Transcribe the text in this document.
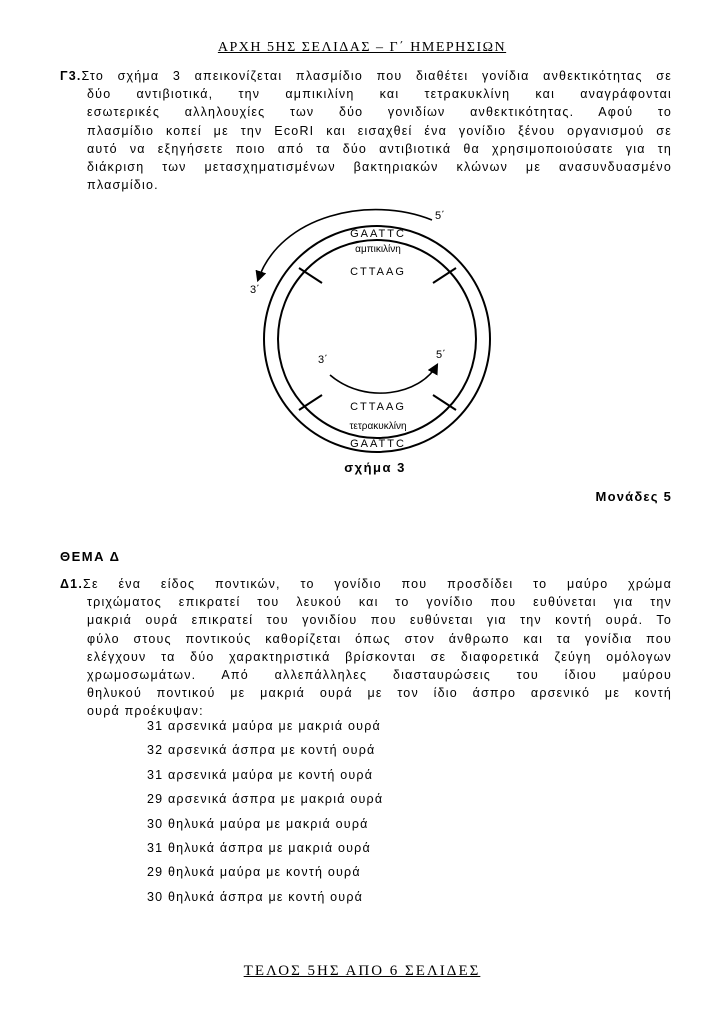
ΑΡΧΗ 5ΗΣ ΣΕΛΙΔΑΣ – Γ΄ ΗΜΕΡΗΣΙΩΝ
Γ3.Στο σχήμα 3 απεικονίζεται πλασμίδιο που διαθέτει γονίδια ανθεκτικότητας σε
δύο αντιβιοτικά, την αμπικιλίνη και τετρακυκλίνη και αναγράφονται
εσωτερικές αλληλουχίες των δύο γονιδίων ανθεκτικότητας. Αφού το
πλασμίδιο κοπεί με την EcoRI και εισαχθεί ένα γονίδιο ξένου οργανισμού σε
αυτό να εξηγήσετε ποιο από τα δύο αντιβιοτικά θα χρησιμοποιούσατε για τη
διάκριση των μετασχηματισμένων βακτηριακών κλώνων με ανασυνδυασμένο
πλασμίδιο.
5΄
3΄
3΄	5΄
GAATTC
αμπικιλίνη
CTTAAG
CTTAAG
τετρακυκλίνη
GAATTC
σχήμα 3
Μονάδες 5
ΘΕΜΑ Δ
Δ1.Σε ένα είδος ποντικών, το γονίδιο που προσδίδει το μαύρο χρώμα
τριχώματος επικρατεί του λευκού και το γονίδιο που ευθύνεται για την
μακριά ουρά επικρατεί του γονιδίου που ευθύνεται για την κοντή ουρά. Το
φύλο στους ποντικούς καθορίζεται όπως στον άνθρωπο και τα γονίδια που
ελέγχουν τα δύο χαρακτηριστικά βρίσκονται σε διαφορετικά ζεύγη ομόλογων
χρωμοσωμάτων. Από αλλεπάλληλες διασταυρώσεις του ίδιου μαύρου
θηλυκού ποντικού με μακριά ουρά με τον ίδιο άσπρο αρσενικό με κοντή
ουρά προέκυψαν:
31 αρσενικά μαύρα με μακριά ουρά
32 αρσενικά άσπρα με κοντή ουρά
31 αρσενικά μαύρα με κοντή ουρά
29 αρσενικά άσπρα με μακριά ουρά
30 θηλυκά μαύρα με μακριά ουρά
31 θηλυκά άσπρα με μακριά ουρά
29 θηλυκά μαύρα με κοντή ουρά
30 θηλυκά άσπρα με κοντή ουρά
ΤΕΛΟΣ 5ΗΣ ΑΠΟ 6 ΣΕΛΙΔΕΣ
